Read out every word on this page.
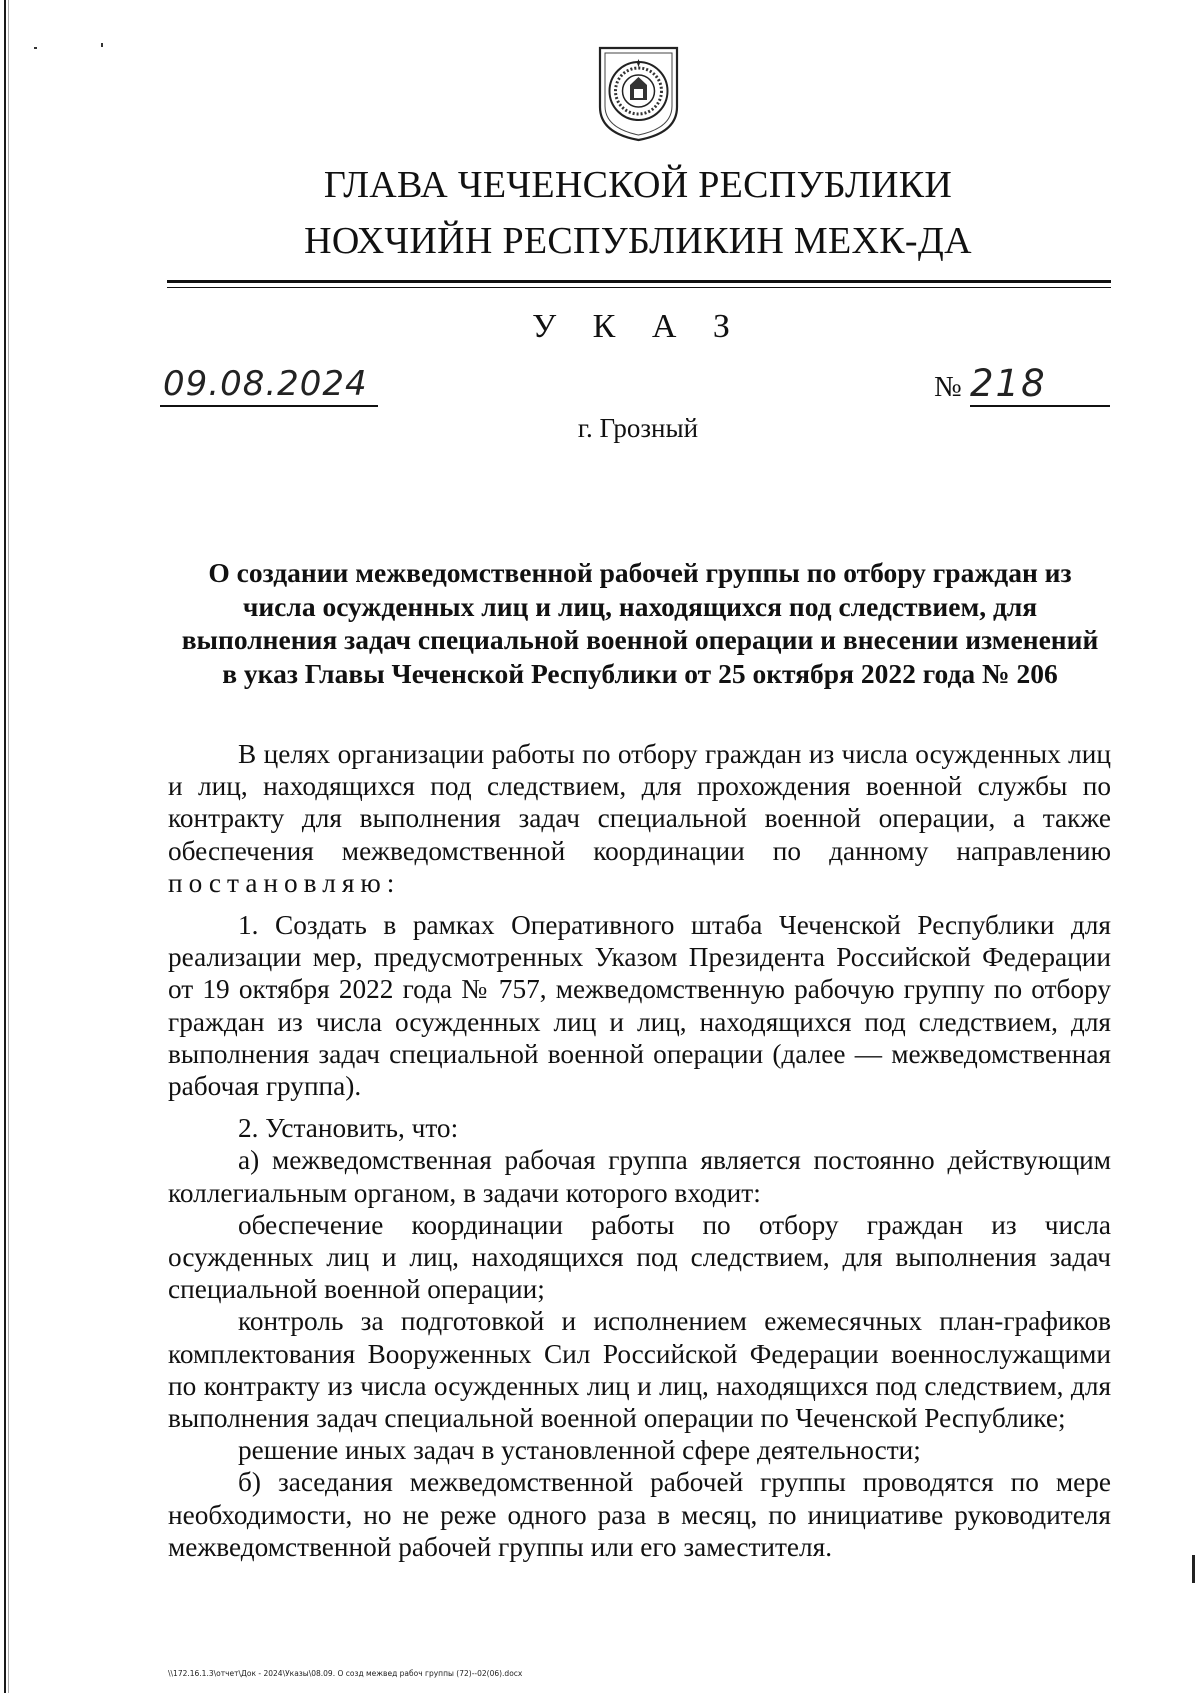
ГЛАВА ЧЕЧЕНСКОЙ РЕСПУБЛИКИ
НОХЧИЙН РЕСПУБЛИКИН МЕХК-ДА
У К А З
09.08.2024	№ 218
г. Грозный
О создании межведомственной рабочей группы по отбору граждан из
числа осужденных лиц и лиц, находящихся под следствием, для
выполнения задач специальной военной операции и внесении изменений
в указ Главы Чеченской Республики от 25 октября 2022 года № 206

В целях организации работы по отбору граждан из числа осужденных лиц и лиц, находящихся под следствием, для прохождения военной службы по контракту для выполнения задач специальной военной операции, а также обеспечения межведомственной координации по данному направлению постановляю:

1. Создать в рамках Оперативного штаба Чеченской Республики для реализации мер, предусмотренных Указом Президента Российской Федерации от 19 октября 2022 года № 757, межведомственную рабочую группу по отбору граждан из числа осужденных лиц и лиц, находящихся под следствием, для выполнения задач специальной военной операции (далее — межведомственная рабочая группа).

2. Установить, что:

а) межведомственная рабочая группа является постоянно действующим коллегиальным органом, в задачи которого входит:

обеспечение координации работы по отбору граждан из числа осужденных лиц и лиц, находящихся под следствием, для выполнения задач специальной военной операции;

контроль за подготовкой и исполнением ежемесячных план-графиков комплектования Вооруженных Сил Российской Федерации военнослужащими по контракту из числа осужденных лиц и лиц, находящихся под следствием, для выполнения задач специальной военной операции по Чеченской Республике;

решение иных задач в установленной сфере деятельности;

б) заседания межведомственной рабочей группы проводятся по мере необходимости, но не реже одного раза в месяц, по инициативе руководителя межведомственной рабочей группы или его заместителя.

\\172.16.1.3\отчет\Док - 2024\Указы\08.09. О созд межвед рабоч группы (72)--02(06).docx
